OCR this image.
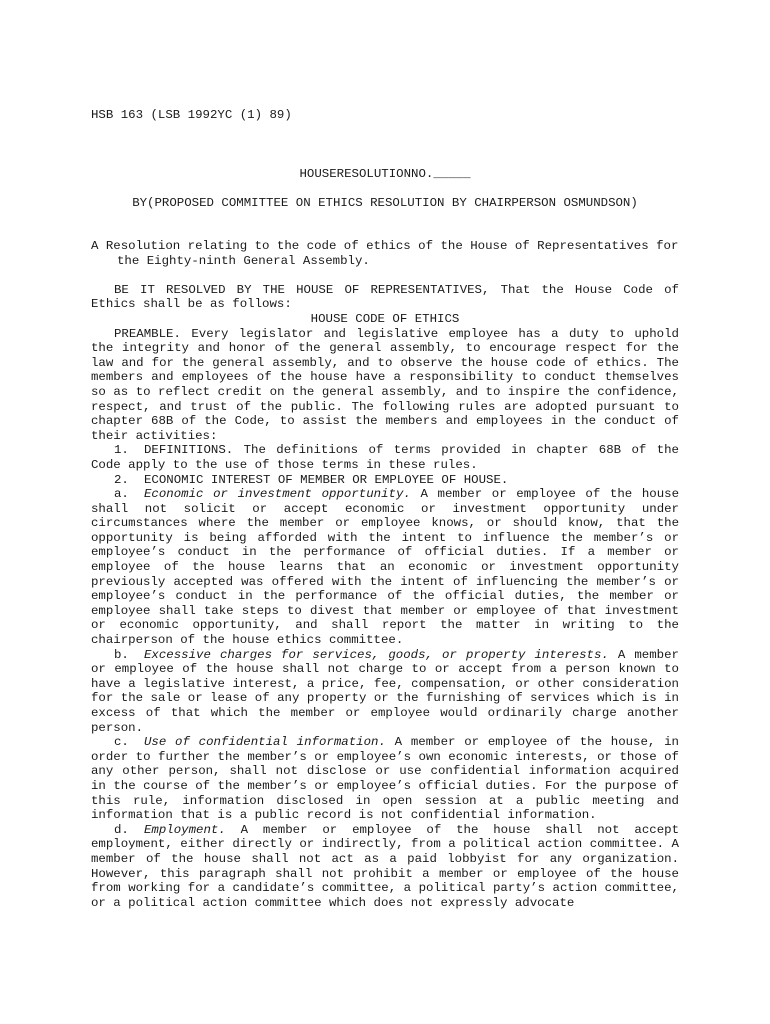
HSB 163 (LSB 1992YC (1) 89)

HOUSERESOLUTIONNO._____

BY(PROPOSED COMMITTEE ON ETHICS RESOLUTION BY CHAIRPERSON OSMUNDSON)

A Resolution relating to the code of ethics of the House of Representatives for the Eighty-ninth General Assembly.

BE IT RESOLVED BY THE HOUSE OF REPRESENTATIVES, That the House Code of Ethics shall be as follows:

HOUSE CODE OF ETHICS

PREAMBLE. Every legislator and legislative employee has a duty to uphold the integrity and honor of the general assembly, to encourage respect for the law and for the general assembly, and to observe the house code of ethics. The members and employees of the house have a responsibility to conduct themselves so as to reflect credit on the general assembly, and to inspire the confidence, respect, and trust of the public. The following rules are adopted pursuant to chapter 68B of the Code, to assist the members and employees in the conduct of their activities:

1. DEFINITIONS. The definitions of terms provided in chapter 68B of the Code apply to the use of those terms in these rules.

2. ECONOMIC INTEREST OF MEMBER OR EMPLOYEE OF HOUSE.

a. Economic or investment opportunity. A member or employee of the house shall not solicit or accept economic or investment opportunity under circumstances where the member or employee knows, or should know, that the opportunity is being afforded with the intent to influence the member’s or employee’s conduct in the performance of official duties. If a member or employee of the house learns that an economic or investment opportunity previously accepted was offered with the intent of influencing the member’s or employee’s conduct in the performance of the official duties, the member or employee shall take steps to divest that member or employee of that investment or economic opportunity, and shall report the matter in writing to the chairperson of the house ethics committee.

b. Excessive charges for services, goods, or property interests. A member or employee of the house shall not charge to or accept from a person known to have a legislative interest, a price, fee, compensation, or other consideration for the sale or lease of any property or the furnishing of services which is in excess of that which the member or employee would ordinarily charge another person.

c. Use of confidential information. A member or employee of the house, in order to further the member’s or employee’s own economic interests, or those of any other person, shall not disclose or use confidential information acquired in the course of the member’s or employee’s official duties. For the purpose of this rule, information disclosed in open session at a public meeting and information that is a public record is not confidential information.

d. Employment. A member or employee of the house shall not accept employment, either directly or indirectly, from a political action committee. A member of the house shall not act as a paid lobbyist for any organization. However, this paragraph shall not prohibit a member or employee of the house from working for a candidate’s committee, a political party’s action committee, or a political action committee which does not expressly advocate
